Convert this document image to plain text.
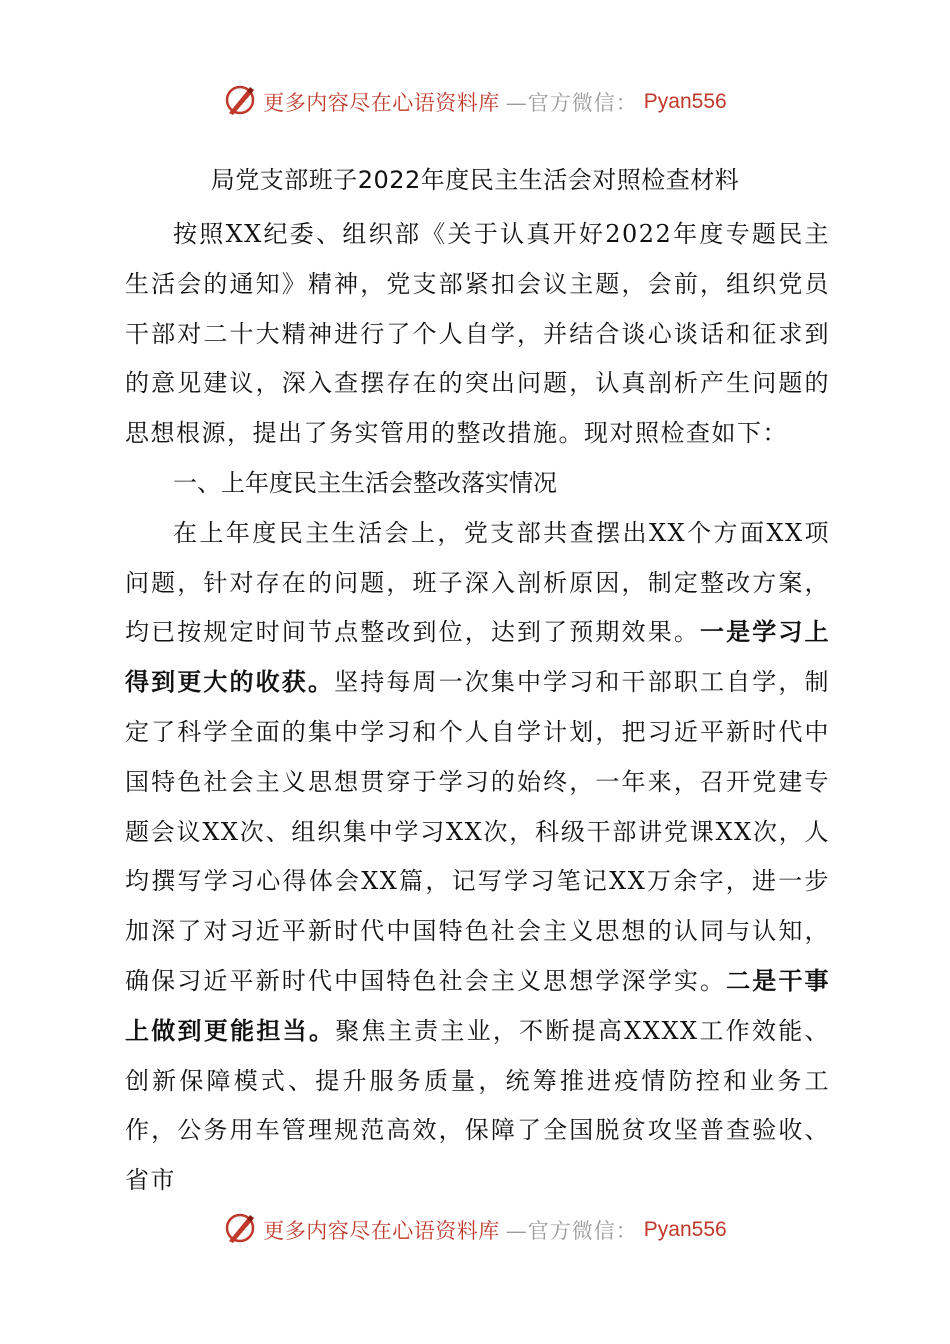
更多内容尽在心语资料库 —官方微信： Pyan556
局党支部班子2022年度民主生活会对照检查材料

按照XX纪委、组织部《关于认真开好2022年度专题民主生活会的通知》精神，党支部紧扣会议主题，会前，组织党员干部对二十大精神进行了个人自学，并结合谈心谈话和征求到的意见建议，深入查摆存在的突出问题，认真剖析产生问题的思想根源，提出了务实管用的整改措施。现对照检查如下：

一、上年度民主生活会整改落实情况

在上年度民主生活会上，党支部共查摆出XX个方面XX项问题，针对存在的问题，班子深入剖析原因，制定整改方案，均已按规定时间节点整改到位，达到了预期效果。一是学习上得到更大的收获。坚持每周一次集中学习和干部职工自学，制定了科学全面的集中学习和个人自学计划，把习近平新时代中国特色社会主义思想贯穿于学习的始终，一年来，召开党建专题会议XX次、组织集中学习XX次，科级干部讲党课XX次，人均撰写学习心得体会XX篇，记写学习笔记XX万余字，进一步加深了对习近平新时代中国特色社会主义思想的认同与认知，确保习近平新时代中国特色社会主义思想学深学实。二是干事上做到更能担当。聚焦主责主业，不断提高XXXX工作效能、创新保障模式、提升服务质量，统筹推进疫情防控和业务工作，公务用车管理规范高效，保障了全国脱贫攻坚普查验收、省市

更多内容尽在心语资料库 —官方微信： Pyan556
